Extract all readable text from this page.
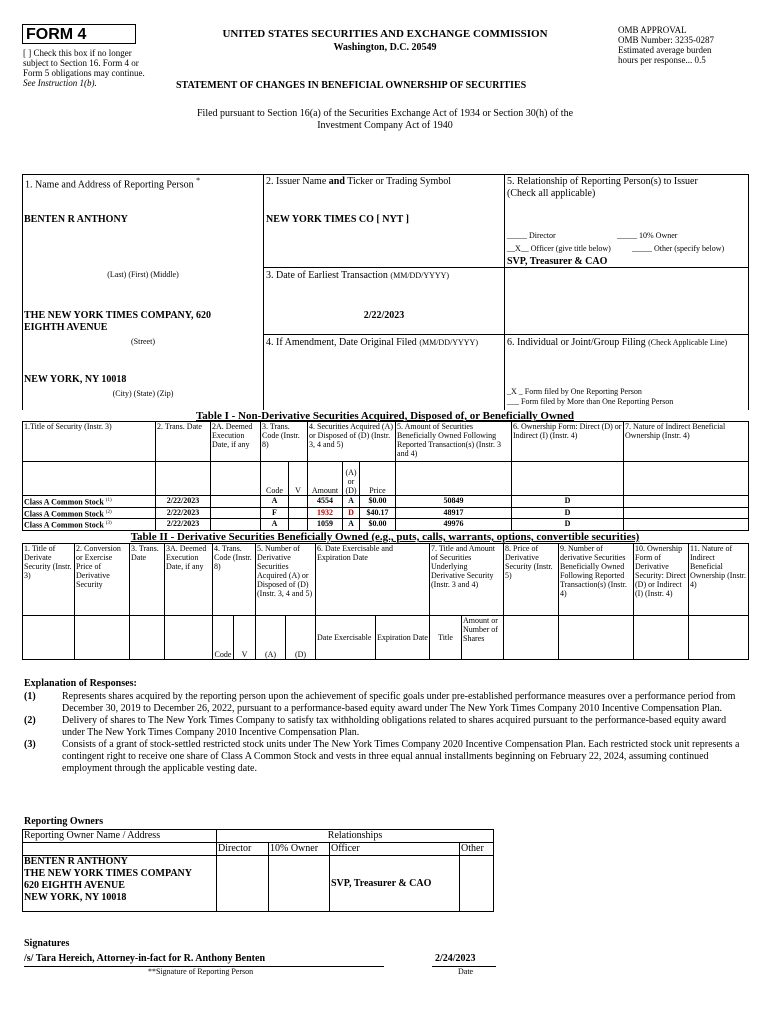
FORM 4
[ ] Check this box if no longer subject to Section 16. Form 4 or Form 5 obligations may continue. See Instruction 1(b).
UNITED STATES SECURITIES AND EXCHANGE COMMISSION
Washington, D.C. 20549
OMB APPROVAL
OMB Number: 3235-0287
Estimated average burden
hours per response... 0.5
STATEMENT OF CHANGES IN BENEFICIAL OWNERSHIP OF SECURITIES
Filed pursuant to Section 16(a) of the Securities Exchange Act of 1934 or Section 30(h) of the
Investment Company Act of 1940
1. Name and Address of Reporting Person *
BENTEN R ANTHONY
(Last) (First) (Middle)
THE NEW YORK TIMES COMPANY, 620
EIGHTH AVENUE
(Street)
NEW YORK, NY 10018
(City) (State) (Zip)
2. Issuer Name and Ticker or Trading Symbol
NEW YORK TIMES CO [ NYT ]
3. Date of Earliest Transaction (MM/DD/YYYY)
2/22/2023
4. If Amendment, Date Original Filed (MM/DD/YYYY)
5. Relationship of Reporting Person(s) to Issuer
(Check all applicable)
_____ Director	_____ 10% Owner
__X__ Officer (give title below)	_____ Other (specify below)
SVP, Treasurer & CAO
6. Individual or Joint/Group Filing (Check Applicable Line)
_X _ Form filed by One Reporting Person
___ Form filed by More than One Reporting Person
Table I - Non-Derivative Securities Acquired, Disposed of, or Beneficially Owned
1.Title of Security (Instr. 3)	2. Trans. Date	2A. Deemed Execution Date, if any	3. Trans. Code (Instr. 8)		4. Securities Acquired (A) or Disposed of (D) (Instr. 3, 4 and 5)			5. Amount of Securities Beneficially Owned Following Reported Transaction(s) (Instr. 3 and 4)	6. Ownership Form: Direct (D) or Indirect (I) (Instr. 4)	7. Nature of Indirect Beneficial Ownership (Instr. 4)
			Code	V	Amount	(A) or (D)	Price			
Class A Common Stock $^{(1)}$	2/22/2023		A		4554	A	$0.00	50849	D	
Class A Common Stock $^{(2)}$	2/22/2023		F		1932	D	$40.17	48917	D	
Class A Common Stock $^{(3)}$	2/22/2023		A		1059	A	$0.00	49976	D	
Table II - Derivative Securities Beneficially Owned (e.g., puts, calls, warrants, options, convertible securities)
1. Title of Derivate Security (Instr. 3)	2. Conversion or Exercise Price of Derivative Security	3. Trans. Date	3A. Deemed Execution Date, if any	4. Trans. Code (Instr. 8)		5. Number of Derivative Securities Acquired (A) or Disposed of (D) (Instr. 3, 4 and 5)		6. Date Exercisable and Expiration Date		7. Title and Amount of Securities Underlying Derivative Security (Instr. 3 and 4)		8. Price of Derivative Security (Instr. 5)	9. Number of derivative Securities Beneficially Owned Following Reported Transaction(s) (Instr. 4)	10. Ownership Form of Derivative Security: Direct (D) or Indirect (I) (Instr. 4)	11. Nature of Indirect Beneficial Ownership (Instr. 4)
				Code	V	(A)	(D)	Date Exercisable	Expiration Date	Title	Amount or Number of Shares				
Explanation of Responses:
(1)	Represents shares acquired by the reporting person upon the achievement of specific goals under pre-established performance measures over a performance period from December 30, 2019 to December 26, 2022, pursuant to a performance-based equity award under The New York Times Company 2010 Incentive Compensation Plan.
(2)	Delivery of shares to The New York Times Company to satisfy tax withholding obligations related to shares acquired pursuant to the performance-based equity award under The New York Times Company 2010 Incentive Compensation Plan.
(3)	Consists of a grant of stock-settled restricted stock units under The New York Times Company 2020 Incentive Compensation Plan. Each restricted stock unit represents a contingent right to receive one share of Class A Common Stock and vests in three equal annual installments beginning on February 22, 2024, assuming continued employment through the applicable vesting date.
Reporting Owners
Reporting Owner Name / Address	Relationships			
	Director	10% Owner	Officer	Other

BENTEN R ANTHONY
THE NEW YORK TIMES COMPANY
620 EIGHTH AVENUE
NEW YORK, NY 10018			SVP, Treasurer & CAO	
Signatures
/s/ Tara Hereich, Attorney-in-fact for R. Anthony Benten	2/24/2023
**Signature of Reporting Person	Date
